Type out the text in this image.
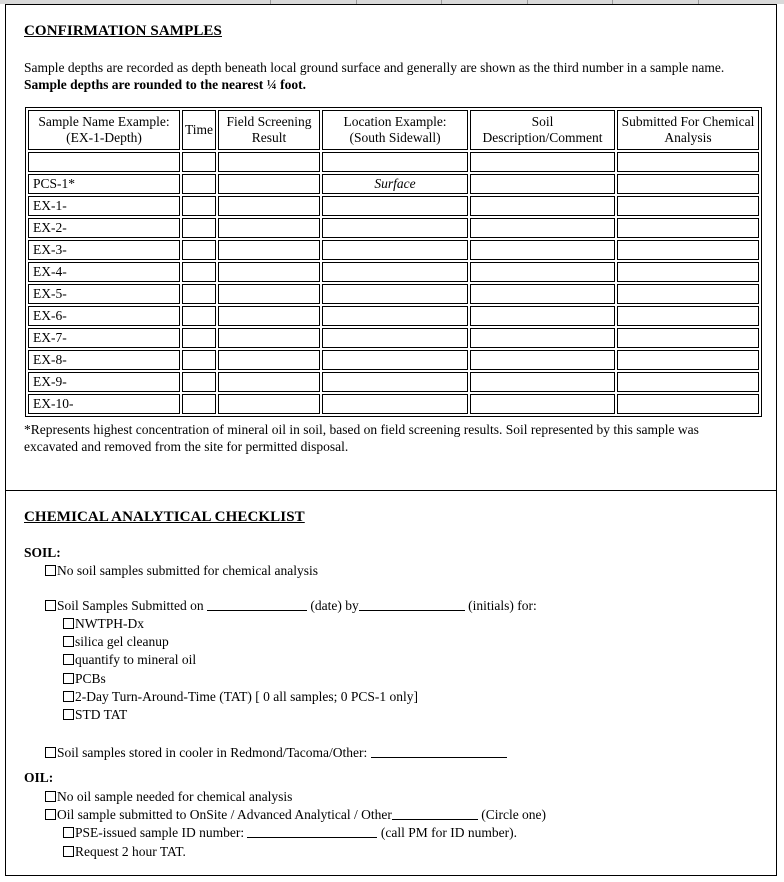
CONFIRMATION SAMPLES
Sample depths are recorded as depth beneath local ground surface and generally are shown as the third number in a sample name. Sample depths are rounded to the nearest ¼ foot.
Sample Name Example: (EX-1-Depth)	Time	Field Screening Result	Location Example: (South Sidewall)	Soil Description/Comment	Submitted For Chemical Analysis

PCS-1*			Surface		
EX-1-					
EX-2-					
EX-3-					
EX-4-					
EX-5-					
EX-6-					
EX-7-					
EX-8-					
EX-9-					
EX-10-					
*Represents highest concentration of mineral oil in soil, based on field screening results. Soil represented by this sample was excavated and removed from the site for permitted disposal.
CHEMICAL ANALYTICAL CHECKLIST
SOIL:
No soil samples submitted for chemical analysis
Soil Samples Submitted on	(date) by	(initials) for:
NWTPH-Dx
silica gel cleanup
quantify to mineral oil
PCBs
2-Day Turn-Around-Time (TAT) [ 0 all samples; 0 PCS-1 only]
STD TAT
Soil samples stored in cooler in Redmond/Tacoma/Other:
OIL:
No oil sample needed for chemical analysis
Oil sample submitted to OnSite / Advanced Analytical / Other	(Circle one)
PSE-issued sample ID number:	(call PM for ID number).
Request 2 hour TAT.
